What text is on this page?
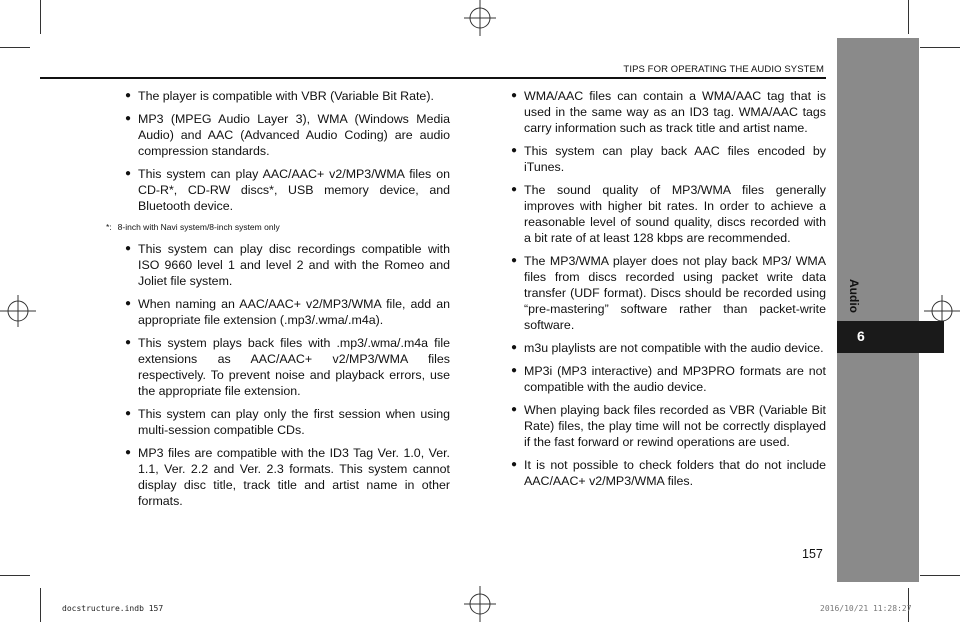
TIPS FOR OPERATING THE AUDIO SYSTEM
Audio
6
● The player is compatible with VBR (Variable Bit Rate).
● MP3 (MPEG Audio Layer 3), WMA (Windows Media Audio) and AAC (Advanced Audio Coding) are audio compression standards.
● This system can play AAC/AAC+ v2/MP3/WMA files on CD-R*, CD-RW discs*, USB memory device, and Bluetooth device.
*: 8-inch with Navi system/8-inch system only
● This system can play disc recordings compatible with ISO 9660 level 1 and level 2 and with the Romeo and Joliet file system.
● When naming an AAC/AAC+ v2/MP3/WMA file, add an appropriate file extension (.mp3/.wma/.m4a).
● This system plays back files with .mp3/.wma/.m4a file extensions as AAC/AAC+ v2/MP3/WMA files respectively. To prevent noise and playback errors, use the appropriate file extension.
● This system can play only the first session when using multi-session compatible CDs.
● MP3 files are compatible with the ID3 Tag Ver. 1.0, Ver. 1.1, Ver. 2.2 and Ver. 2.3 formats. This system cannot display disc title, track title and artist name in other formats.
● WMA/AAC files can contain a WMA/AAC tag that is used in the same way as an ID3 tag. WMA/AAC tags carry information such as track title and artist name.
● This system can play back AAC files encoded by iTunes.
● The sound quality of MP3/WMA files generally improves with higher bit rates. In order to achieve a reasonable level of sound quality, discs recorded with a bit rate of at least 128 kbps are recommended.
● The MP3/WMA player does not play back MP3/ WMA files from discs recorded using packet write data transfer (UDF format). Discs should be recorded using “pre-mastering” software rather than packet-write software.
● m3u playlists are not compatible with the audio device.
● MP3i (MP3 interactive) and MP3PRO formats are not compatible with the audio device.
● When playing back files recorded as VBR (Variable Bit Rate) files, the play time will not be correctly displayed if the fast forward or rewind operations are used.
● It is not possible to check folders that do not include AAC/AAC+ v2/MP3/WMA files.
157
docstructure.indb 157	2016/10/21 11:28:27
